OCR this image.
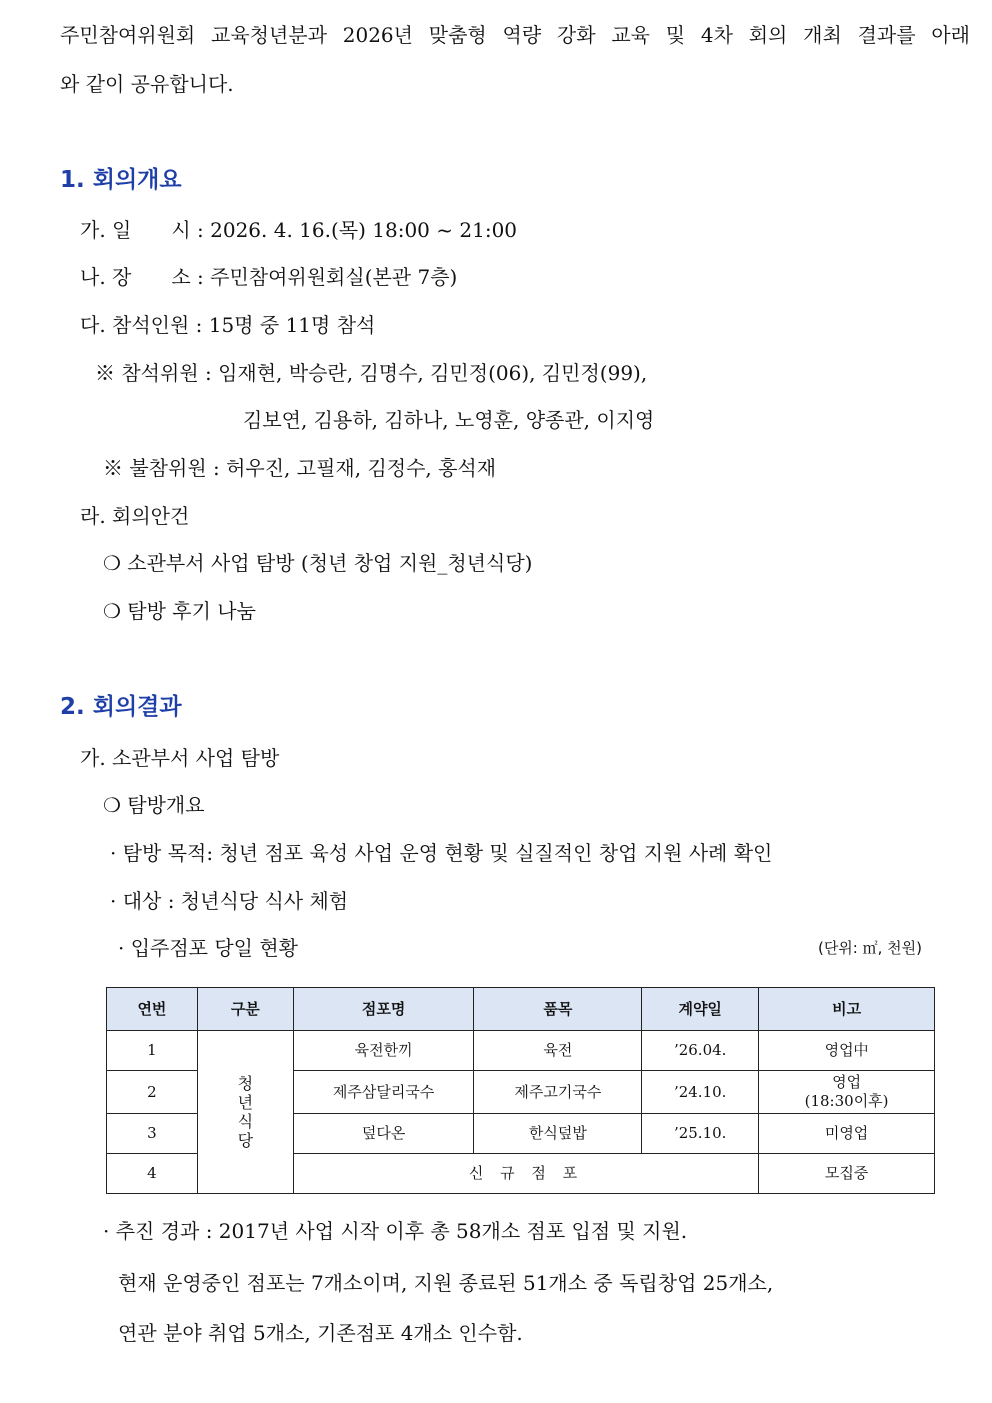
주민참여위원회 교육청년분과 2026년 맞춤형 역량 강화 교육 및 4차 회의 개최 결과를 아래
와 같이 공유합니다.
1. 회의개요
가. 일　　시 : 2026. 4. 16.(목) 18:00 ~ 21:00
나. 장　　소 : 주민참여위원회실(본관 7층)
다. 참석인원 : 15명 중 11명 참석
※ 참석위원 : 임재현, 박승란, 김명수, 김민정(06), 김민정(99),
김보연, 김용하, 김하나, 노영훈, 양종관, 이지영
※ 불참위원 : 허우진, 고필재, 김정수, 홍석재
라. 회의안건
❍ 소관부서 사업 탐방 (청년 창업 지원_청년식당)
❍ 탐방 후기 나눔
2. 회의결과
가. 소관부서 사업 탐방
❍ 탐방개요
· 탐방 목적: 청년 점포 육성 사업 운영 현황 및 실질적인 창업 지원 사례 확인
· 대상 : 청년식당 식사 체험
· 입주점포 당일 현황	(단위: ㎡, 천원)
연번	구분	점포명	품목	계약일	비고
1	청년식당	육전한끼	육전	’26.04.	영업中
2		제주삼달리국수	제주고기국수	’24.10.	영업
(18:30이후)
3		덮다온	한식덮밥	’25.10.	미영업
4		신 규 점 포			모집중
· 추진 경과 : 2017년 사업 시작 이후 총 58개소 점포 입점 및 지원.
현재 운영중인 점포는 7개소이며, 지원 종료된 51개소 중 독립창업 25개소,
연관 분야 취업 5개소, 기존점포 4개소 인수함.
